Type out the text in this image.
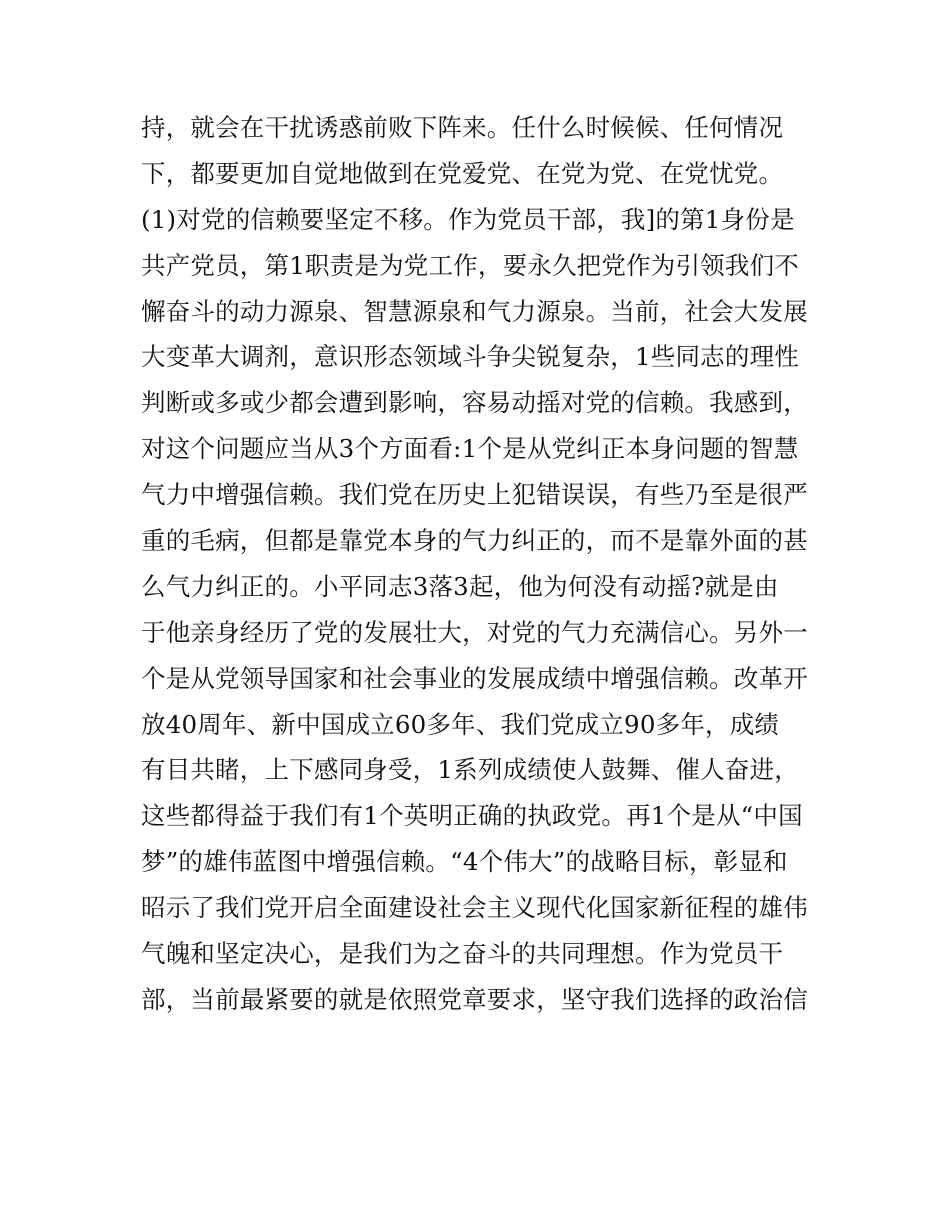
持，就会在干扰诱惑前败下阵来。任什么时候候、任何情况
下，都要更加自觉地做到在党爱党、在党为党、在党忧党。
(1)对党的信赖要坚定不移。作为党员干部，我]的第1身份是
共产党员，第1职责是为党工作，要永久把党作为引领我们不
懈奋斗的动力源泉、智慧源泉和气力源泉。当前，社会大发展
大变革大调剂，意识形态领域斗争尖锐复杂，1些同志的理性
判断或多或少都会遭到影响，容易动摇对党的信赖。我感到，
对这个问题应当从3个方面看:1个是从党纠正本身问题的智慧
气力中增强信赖。我们党在历史上犯错误误，有些乃至是很严
重的毛病，但都是靠党本身的气力纠正的，而不是靠外面的甚
么气力纠正的。小平同志3落3起，他为何没有动摇?就是由
于他亲身经历了党的发展壮大，对党的气力充满信心。另外一
个是从党领导国家和社会事业的发展成绩中增强信赖。改革开
放40周年、新中国成立60多年、我们党成立90多年，成绩
有目共睹，上下感同身受，1系列成绩使人鼓舞、催人奋进，
这些都得益于我们有1个英明正确的执政党。再1个是从“中国
梦”的雄伟蓝图中增强信赖。“4个伟大”的战略目标，彰显和
昭示了我们党开启全面建设社会主义现代化国家新征程的雄伟
气魄和坚定决心，是我们为之奋斗的共同理想。作为党员干
部，当前最紧要的就是依照党章要求，坚守我们选择的政治信
